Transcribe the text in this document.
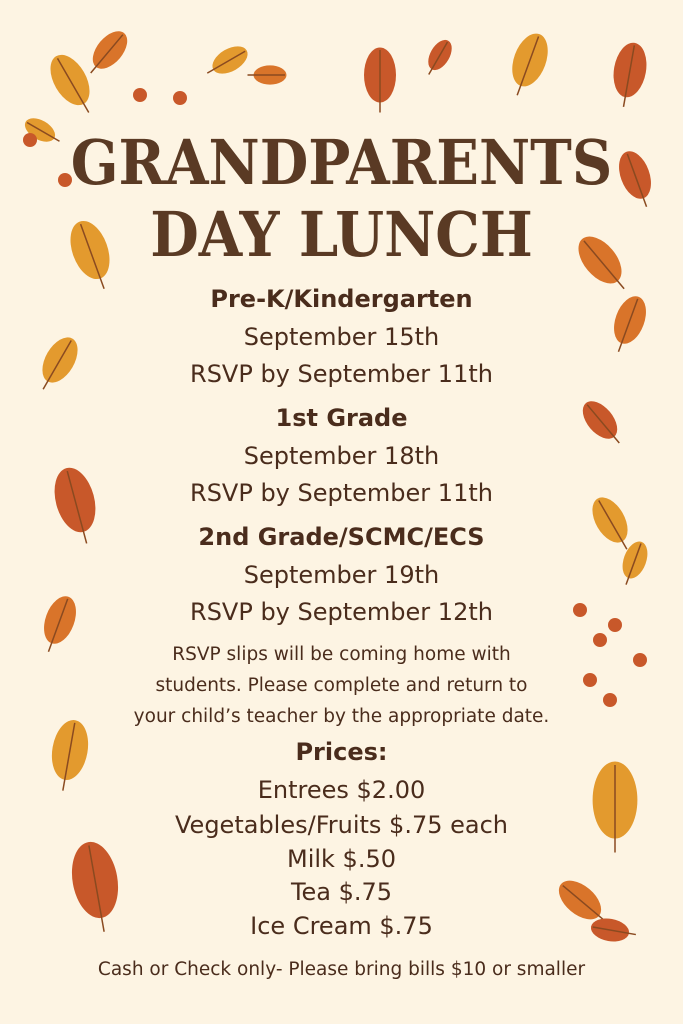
GRANDPARENTS
DAY LUNCH
Pre-K/Kindergarten
September 15th
RSVP by September 11th
1st Grade
September 18th
RSVP by September 11th
2nd Grade/SCMC/ECS
September 19th
RSVP by September 12th
RSVP slips will be coming home with
students. Please complete and return to
your child’s teacher by the appropriate date.
Prices:
Entrees $2.00
Vegetables/Fruits $.75 each
Milk $.50
Tea $.75
Ice Cream $.75
Cash or Check only- Please bring bills $10 or smaller
